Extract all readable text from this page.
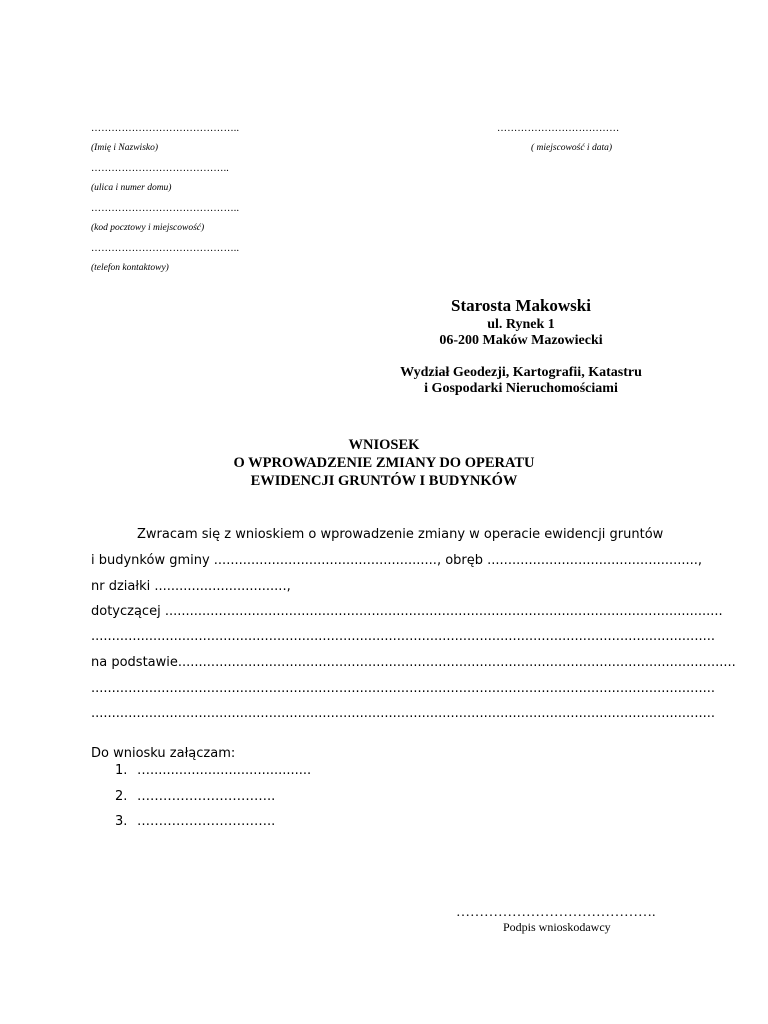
……………………………………..
(Imię i Nazwisko)
………………………………
( miejscowość i data)
…………………………………..
(ulica i numer domu)
……………………………………..
(kod pocztowy i miejscowość)
……………………………………..
(telefon kontaktowy)
Starosta Makowski
ul. Rynek 1
06-200 Maków Mazowiecki
Wydział Geodezji, Kartografii, Katastru
i Gospodarki Nieruchomościami
WNIOSEK
O WPROWADZENIE ZMIANY DO OPERATU
EWIDENCJI GRUNTÓW I BUDYNKÓW
Zwracam się z wnioskiem o wprowadzenie zmiany w operacie ewidencji gruntów
i budynków gminy ......................................................, obręb ...................................................,
nr działki ................................,
dotyczącej .......................................................................................................................................
.......................................................................................................................................................
na podstawie.......................................................................................................................................
.......................................................................................................................................................
.......................................................................................................................................................
Do wniosku załączam:
1. ….......................................
2. …………………………..
3. …………………………..
…………………………………….
Podpis wnioskodawcy
